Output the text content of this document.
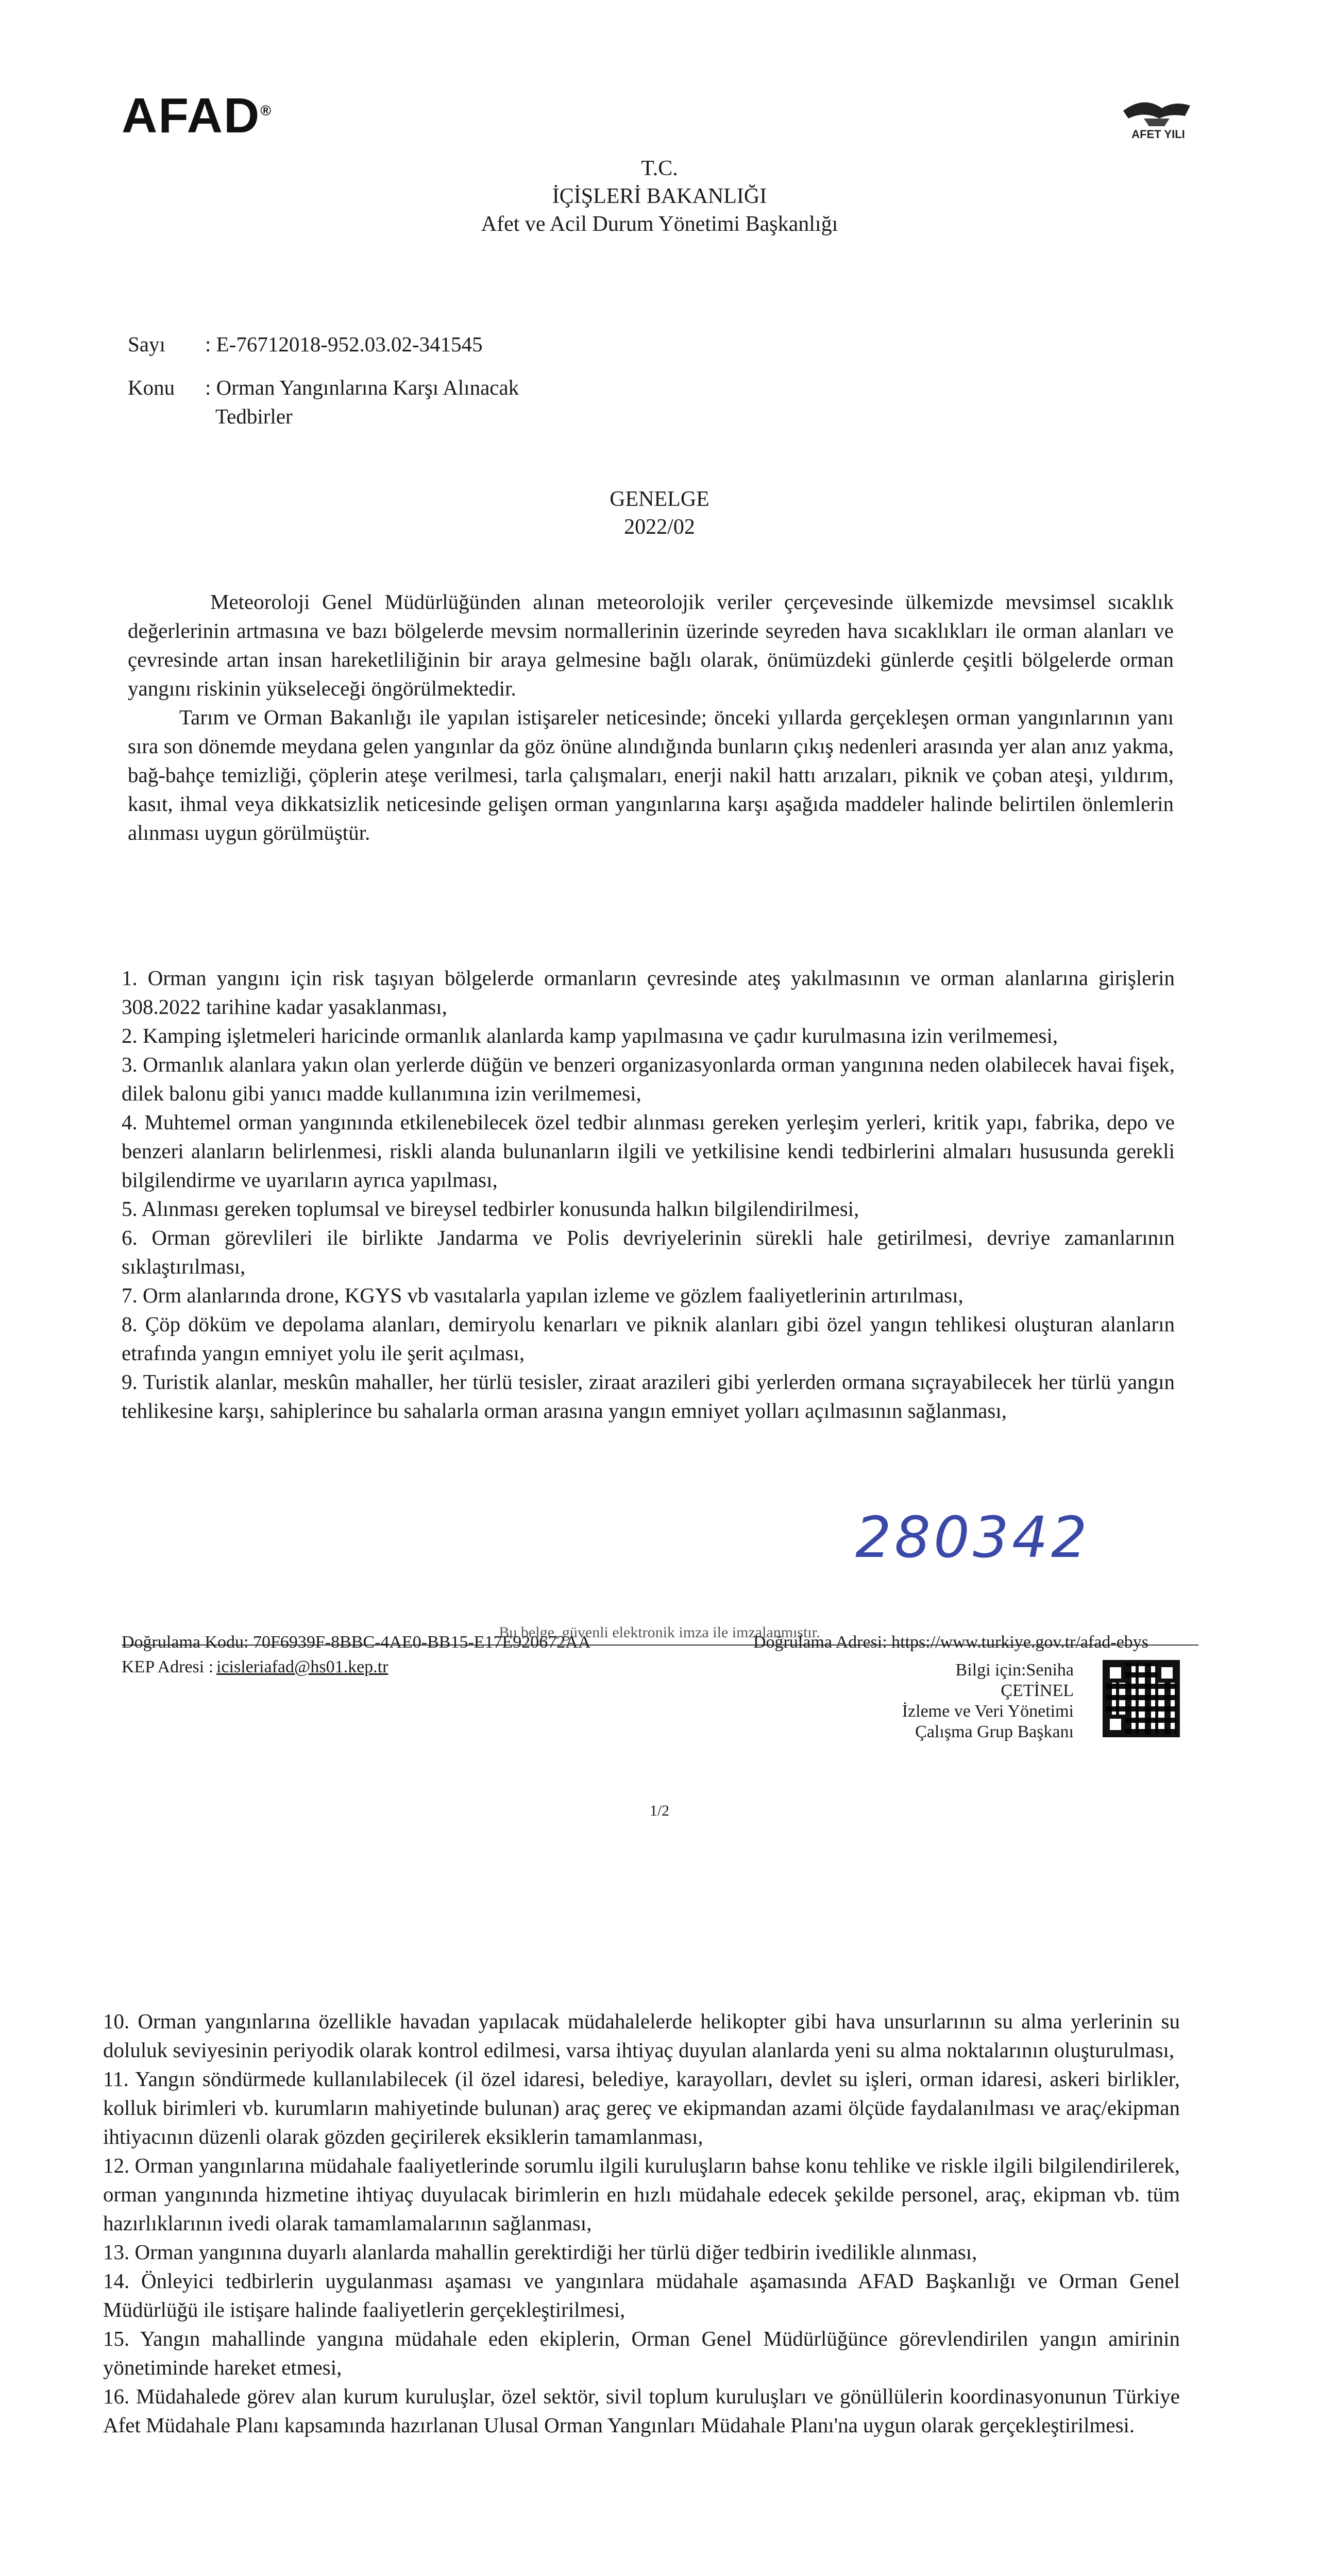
AFAD®
AFET YILI
T.C.
İÇİŞLERİ BAKANLIĞI
Afet ve Acil Durum Yönetimi Başkanlığı
Sayı : E-76712018-952.03.02-341545
Konu : Orman Yangınlarına Karşı Alınacak
Tedbirler
GENELGE
2022/02

Meteoroloji Genel Müdürlüğünden alınan meteorolojik veriler çerçevesinde ülkemizde mevsimsel sıcaklık değerlerinin artmasına ve bazı bölgelerde mevsim normallerinin üzerinde seyreden hava sıcaklıkları ile orman alanları ve çevresinde artan insan hareketliliğinin bir araya gelmesine bağlı olarak, önümüzdeki günlerde çeşitli bölgelerde orman yangını riskinin yükseleceği öngörülmektedir.

Tarım ve Orman Bakanlığı ile yapılan istişareler neticesinde; önceki yıllarda gerçekleşen orman yangınlarının yanı sıra son dönemde meydana gelen yangınlar da göz önüne alındığında bunların çıkış nedenleri arasında yer alan anız yakma, bağ-bahçe temizliği, çöplerin ateşe verilmesi, tarla çalışmaları, enerji nakil hattı arızaları, piknik ve çoban ateşi, yıldırım, kasıt, ihmal veya dikkatsizlik neticesinde gelişen orman yangınlarına karşı aşağıda maddeler halinde belirtilen önlemlerin alınması uygun görülmüştür.

1. Orman yangını için risk taşıyan bölgelerde ormanların çevresinde ateş yakılmasının ve orman alanlarına girişlerin 308.2022 tarihine kadar yasaklanması,

2. Kamping işletmeleri haricinde ormanlık alanlarda kamp yapılmasına ve çadır kurulmasına izin verilmemesi,

3. Ormanlık alanlara yakın olan yerlerde düğün ve benzeri organizasyonlarda orman yangınına neden olabilecek havai fişek, dilek balonu gibi yanıcı madde kullanımına izin verilmemesi,

4. Muhtemel orman yangınında etkilenebilecek özel tedbir alınması gereken yerleşim yerleri, kritik yapı, fabrika, depo ve benzeri alanların belirlenmesi, riskli alanda bulunanların ilgili ve yetkilisine kendi tedbirlerini almaları hususunda gerekli bilgilendirme ve uyarıların ayrıca yapılması,

5. Alınması gereken toplumsal ve bireysel tedbirler konusunda halkın bilgilendirilmesi,

6. Orman görevlileri ile birlikte Jandarma ve Polis devriyelerinin sürekli hale getirilmesi, devriye zamanlarının sıklaştırılması,

7. Orm alanlarında drone, KGYS vb vasıtalarla yapılan izleme ve gözlem faaliyetlerinin artırılması,

8. Çöp döküm ve depolama alanları, demiryolu kenarları ve piknik alanları gibi özel yangın tehlikesi oluşturan alanların etrafında yangın emniyet yolu ile şerit açılması,

9. Turistik alanlar, meskûn mahaller, her türlü tesisler, ziraat arazileri gibi yerlerden ormana sıçrayabilecek her türlü yangın tehlikesine karşı, sahiplerince bu sahalarla orman arasına yangın emniyet yolları açılmasının sağlanması,

280342
Bu belge, güvenli elektronik imza ile imzalanmıştır.
Doğrulama Kodu: 70F6939F-8BBC-4AE0-BB15-E17E920672AA	Doğrulama Adresi: https://www.turkiye.gov.tr/afad-ebys
KEP Adresi : icisleriafad@hs01.kep.tr	Bilgi için:Seniha ÇETİNEL
İzleme ve Veri Yönetimi
Çalışma Grup Başkanı
1/2

10. Orman yangınlarına özellikle havadan yapılacak müdahalelerde helikopter gibi hava unsurlarının su alma yerlerinin su doluluk seviyesinin periyodik olarak kontrol edilmesi, varsa ihtiyaç duyulan alanlarda yeni su alma noktalarının oluşturulması,

11. Yangın söndürmede kullanılabilecek (il özel idaresi, belediye, karayolları, devlet su işleri, orman idaresi, askeri birlikler, kolluk birimleri vb. kurumların mahiyetinde bulunan) araç gereç ve ekipmandan azami ölçüde faydalanılması ve araç/ekipman ihtiyacının düzenli olarak gözden geçirilerek eksiklerin tamamlanması,

12. Orman yangınlarına müdahale faaliyetlerinde sorumlu ilgili kuruluşların bahse konu tehlike ve riskle ilgili bilgilendirilerek, orman yangınında hizmetine ihtiyaç duyulacak birimlerin en hızlı müdahale edecek şekilde personel, araç, ekipman vb. tüm hazırlıklarının ivedi olarak tamamlamalarının sağlanması,

13. Orman yangınına duyarlı alanlarda mahallin gerektirdiği her türlü diğer tedbirin ivedilikle alınması,

14. Önleyici tedbirlerin uygulanması aşaması ve yangınlara müdahale aşamasında AFAD Başkanlığı ve Orman Genel Müdürlüğü ile istişare halinde faaliyetlerin gerçekleştirilmesi,

15. Yangın mahallinde yangına müdahale eden ekiplerin, Orman Genel Müdürlüğünce görevlendirilen yangın amirinin yönetiminde hareket etmesi,

16. Müdahalede görev alan kurum kuruluşlar, özel sektör, sivil toplum kuruluşları ve gönüllülerin koordinasyonunun Türkiye Afet Müdahale Planı kapsamında hazırlanan Ulusal Orman Yangınları Müdahale Planı'na uygun olarak gerçekleştirilmesi.
